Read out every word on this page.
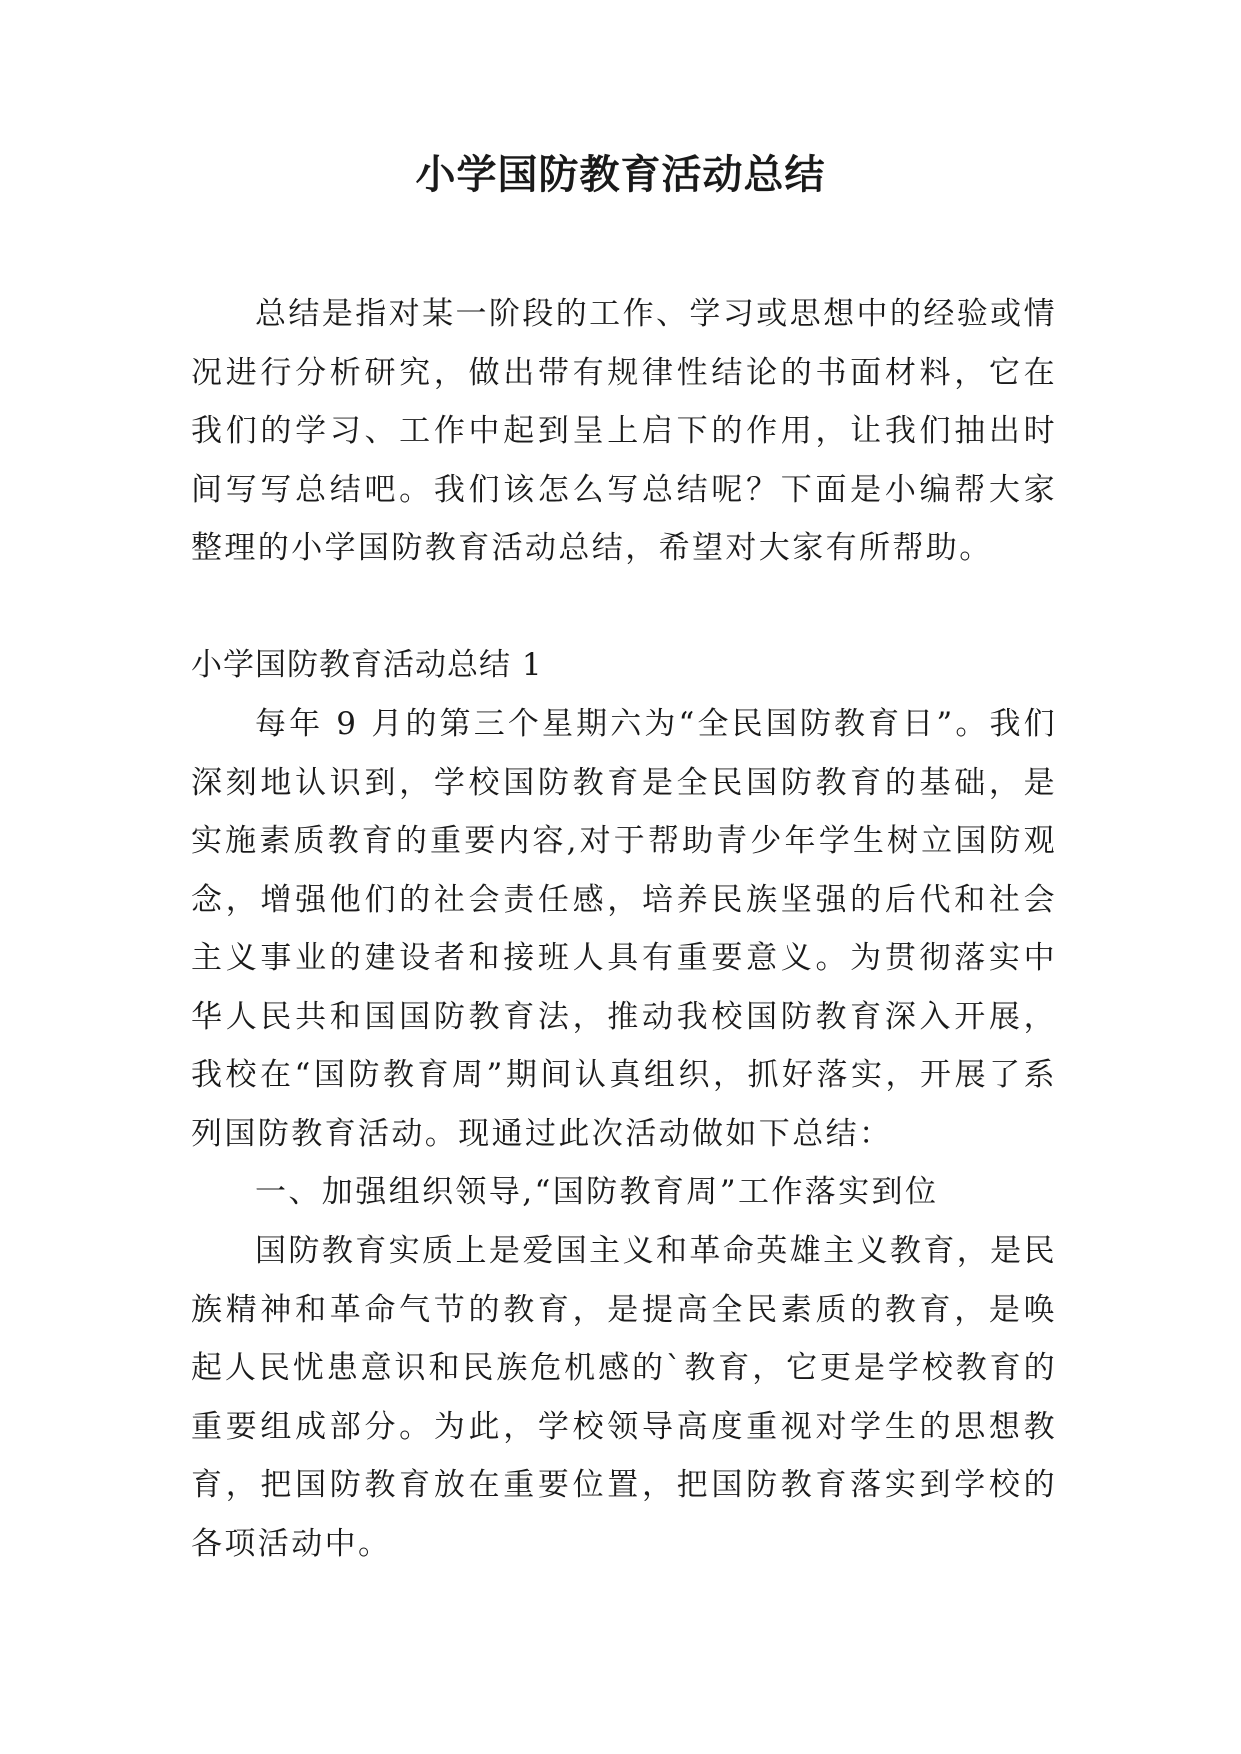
小学国防教育活动总结

总结是指对某一阶段的工作、学习或思想中的经验或情况进行分析研究，做出带有规律性结论的书面材料，它在我们的学习、工作中起到呈上启下的作用，让我们抽出时间写写总结吧。我们该怎么写总结呢？下面是小编帮大家整理的小学国防教育活动总结，希望对大家有所帮助。

小学国防教育活动总结 1

每年 9 月的第三个星期六为“全民国防教育日”。我们深刻地认识到，学校国防教育是全民国防教育的基础，是实施素质教育的重要内容,对于帮助青少年学生树立国防观念，增强他们的社会责任感，培养民族坚强的后代和社会主义事业的建设者和接班人具有重要意义。为贯彻落实中华人民共和国国防教育法，推动我校国防教育深入开展，我校在“国防教育周”期间认真组织，抓好落实，开展了系列国防教育活动。现通过此次活动做如下总结：

一、加强组织领导,“国防教育周”工作落实到位

国防教育实质上是爱国主义和革命英雄主义教育，是民族精神和革命气节的教育，是提高全民素质的教育，是唤起人民忧患意识和民族危机感的`教育，它更是学校教育的重要组成部分。为此，学校领导高度重视对学生的思想教育，把国防教育放在重要位置，把国防教育落实到学校的各项活动中。
